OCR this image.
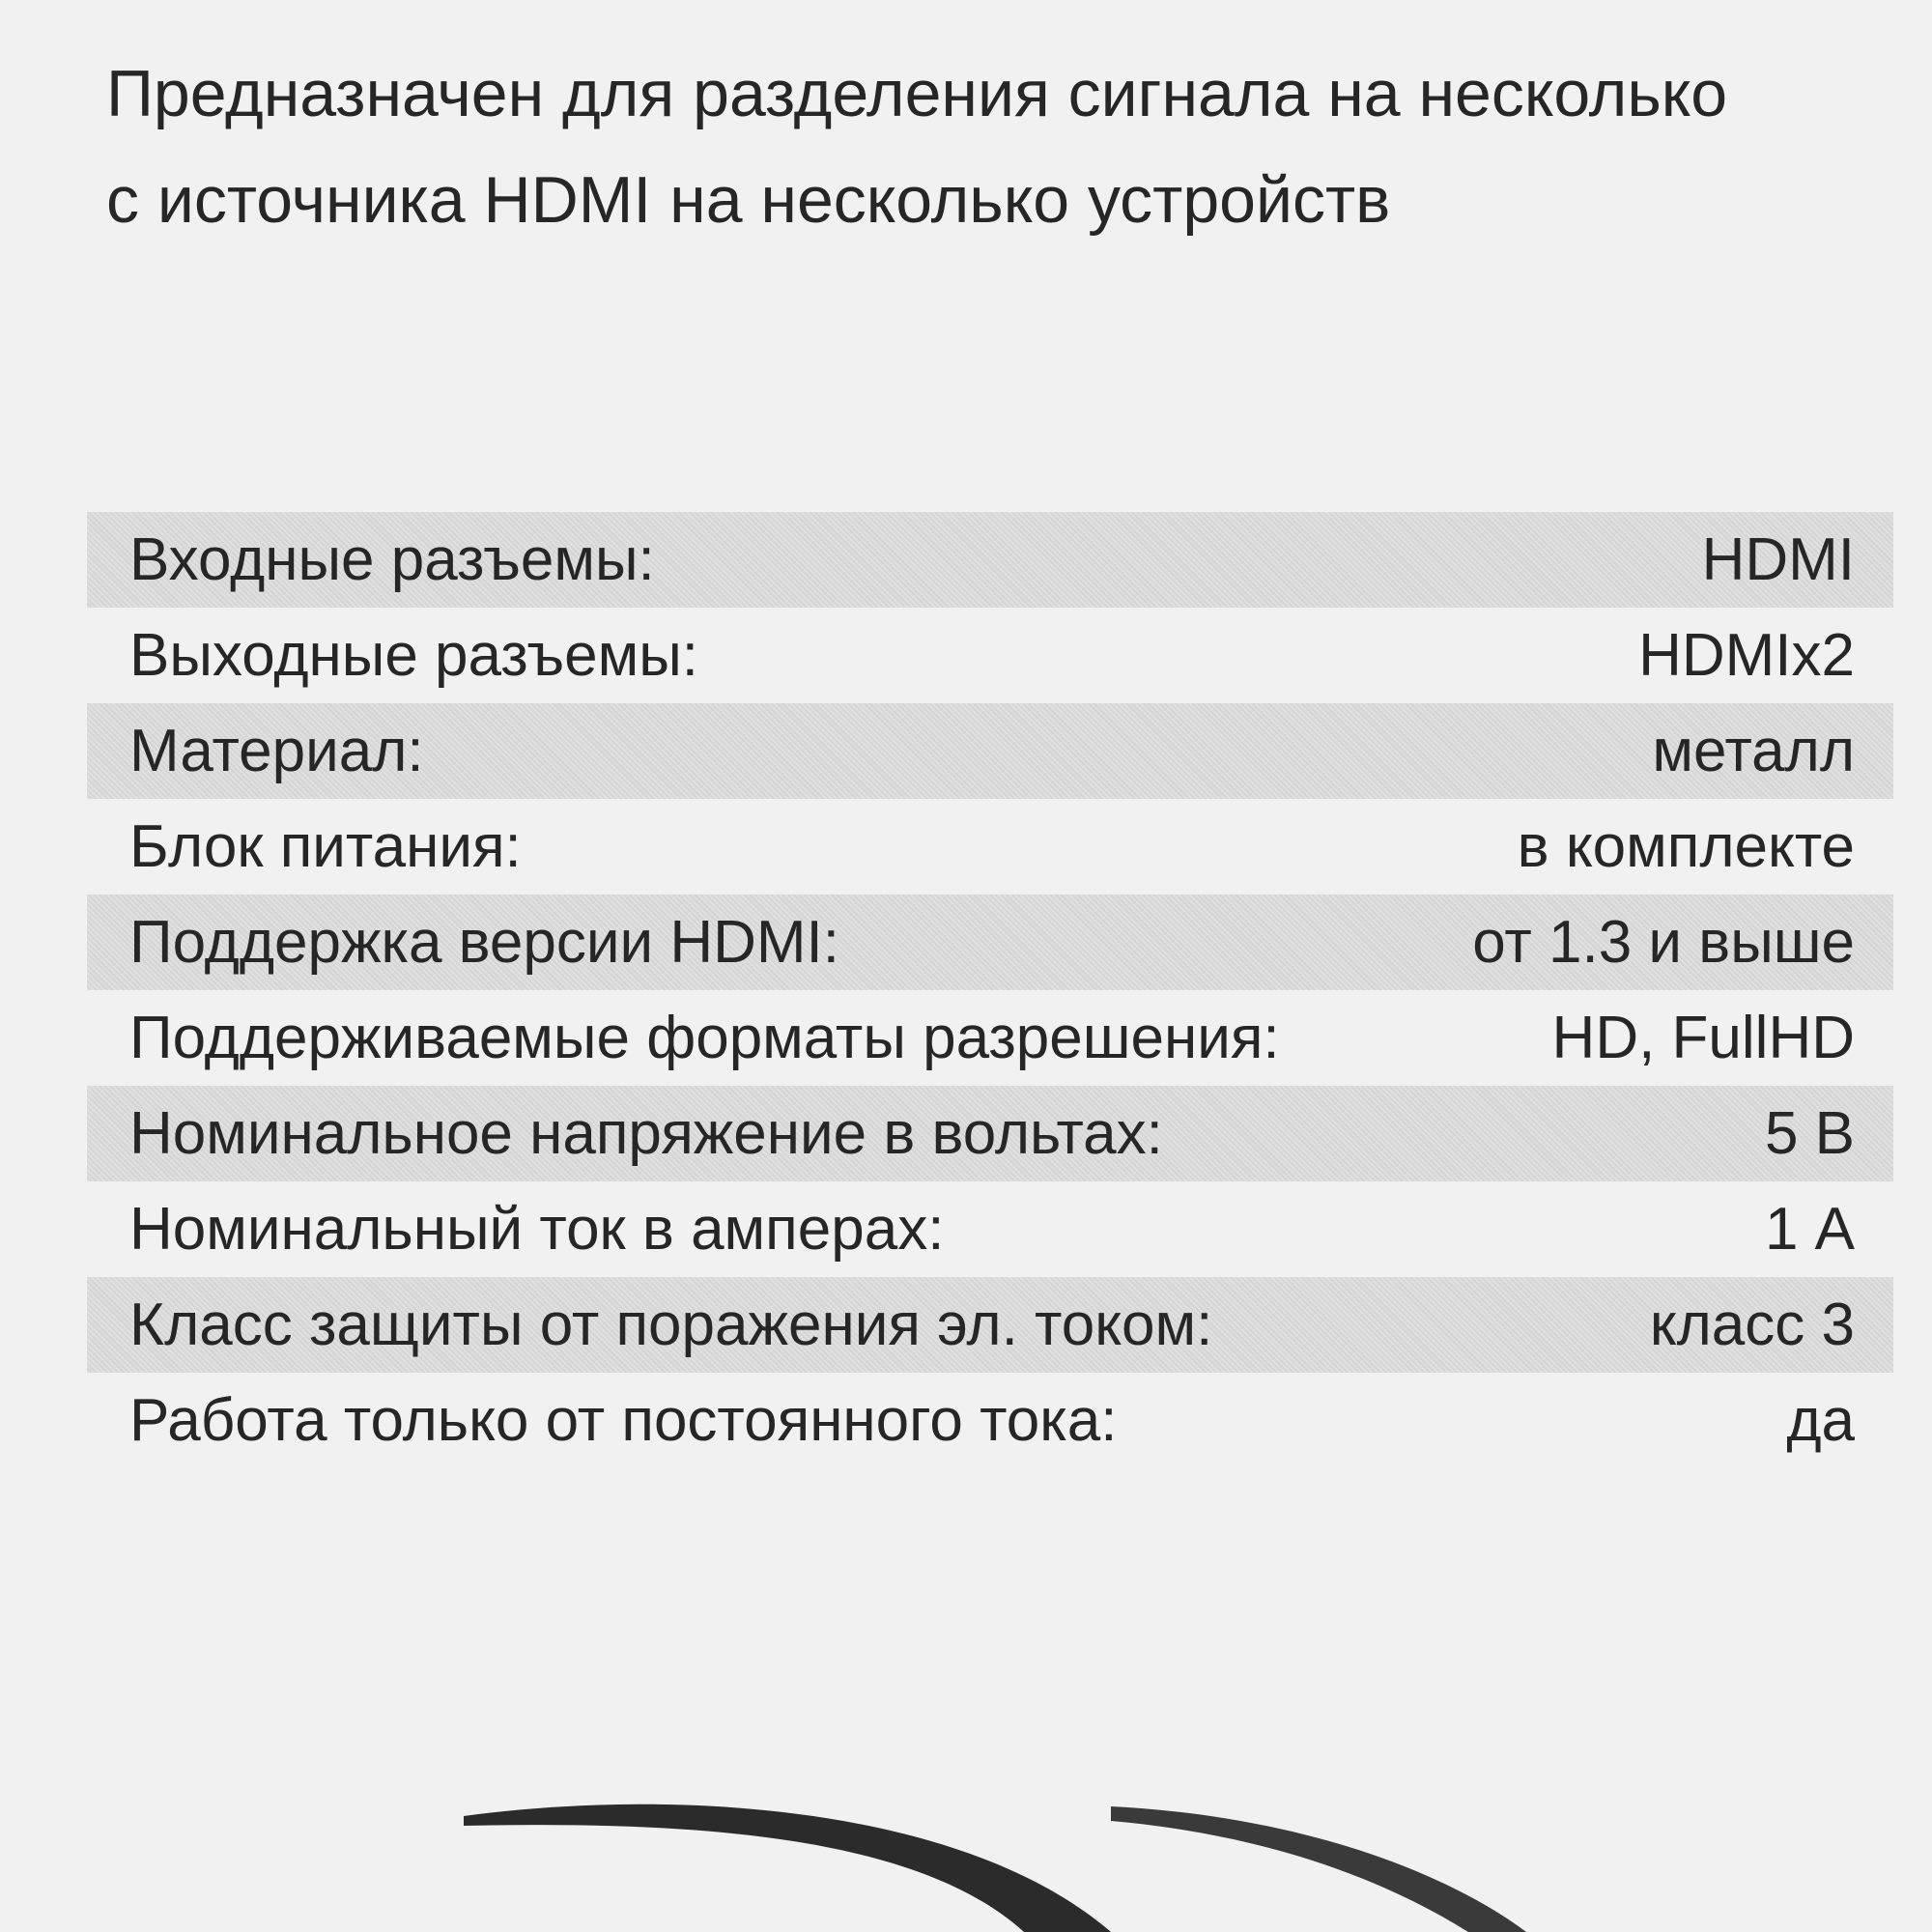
Предназначен для разделения сигнала на несколько
с источника HDMI на несколько устройств
Входные разъемы:	HDMI
Выходные разъемы:	HDMIx2
Материал:	металл
Блок питания:	в комплекте
Поддержка версии HDMI:	от 1.3 и выше
Поддерживаемые форматы разрешения:	HD, FullHD
Номинальное напряжение в вольтах:	5 В
Номинальный ток в амперах:	1 А
Класс защиты от поражения эл. током:	класс 3
Работа только от постоянного тока:	да
